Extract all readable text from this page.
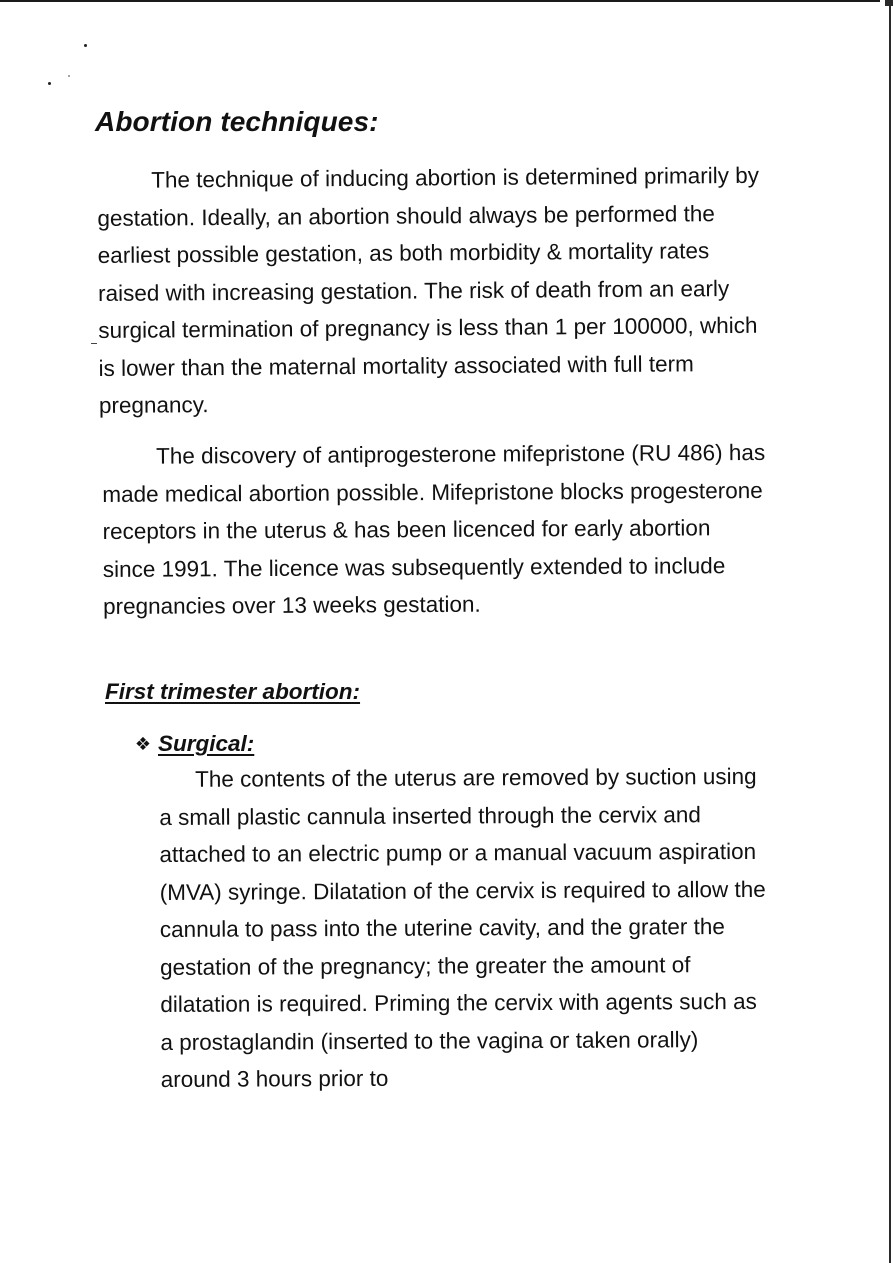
Abortion techniques:

The technique of inducing abortion is determined primarily by gestation. Ideally, an abortion should always be performed the earliest possible gestation, as both morbidity & mortality rates raised with increasing gestation. The risk of death from an early surgical termination of pregnancy is less than 1 per 100000, which is lower than the maternal mortality associated with full term pregnancy.

The discovery of antiprogesterone mifepristone (RU 486) has made medical abortion possible. Mifepristone blocks progesterone receptors in the uterus & has been licenced for early abortion since 1991. The licence was subsequently extended to include pregnancies over 13 weeks gestation.

First trimester abortion:
❖ Surgical:

The contents of the uterus are removed by suction using a small plastic cannula inserted through the cervix and attached to an electric pump or a manual vacuum aspiration (MVA) syringe. Dilatation of the cervix is required to allow the cannula to pass into the uterine cavity, and the grater the gestation of the pregnancy; the greater the amount of dilatation is required. Priming the cervix with agents such as a prostaglandin (inserted to the vagina or taken orally) around 3 hours prior to
